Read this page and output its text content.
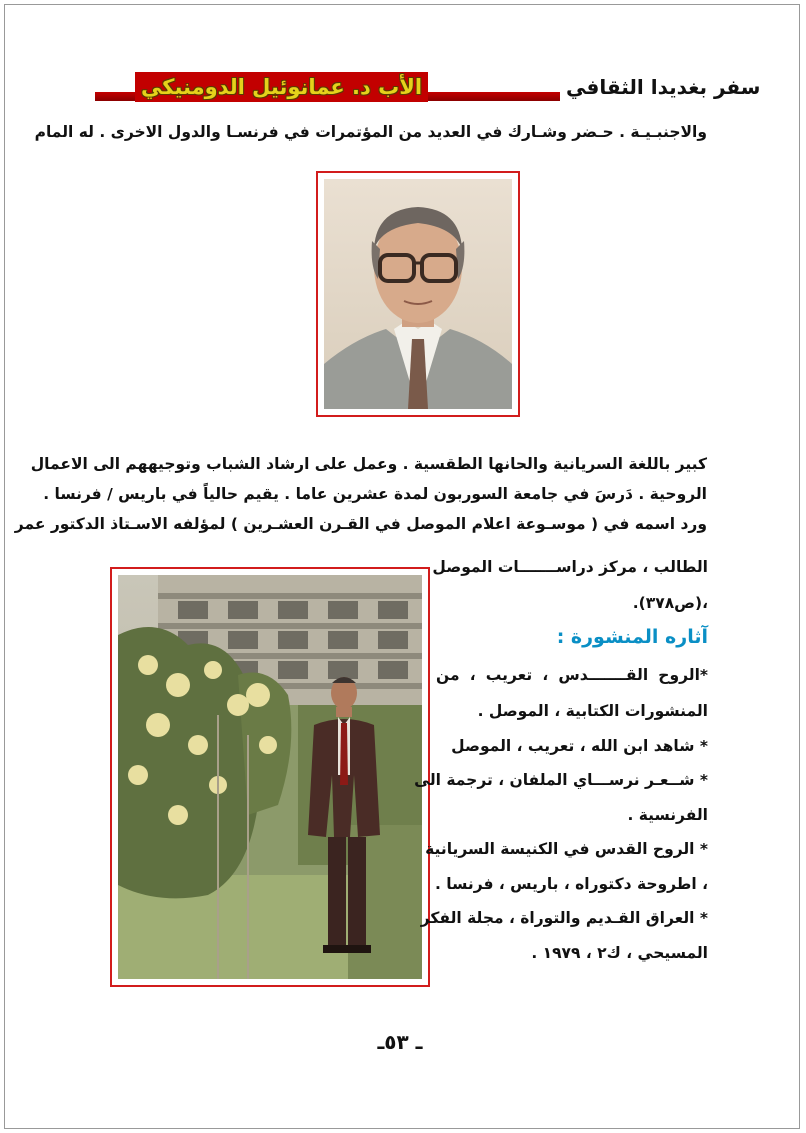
الأب د. عمانوئيل الدومنيكي	سفر بغديدا الثقافي
والاجنبـيـة . حـضر وشـارك في العديد من المؤتمرات في فرنسـا والدول الاخرى . له المام
كبير باللغة السريانية والحانها الطقسية . وعمل على ارشاد الشباب وتوجيههم الى الاعمال
الروحية . دَرسَ في جامعة السوربون لمدة عشرين عاما . يقيم حالياً في باريس / فرنسا .
ورد اسمه في ( موسـوعة اعلام الموصل في القـرن العشـرين ) لمؤلفه الاسـتاذ الدكتور عمر
الطالب ، مركز دراســـــــات الموصل
،(ص٣٧٨).
آثاره المنشورة :
*الروح القـــــــدس ، تعريب ، من
المنشورات الكتابية ، الموصل .
* شاهد ابن الله ، تعريب ، الموصل
* شــعـر نرســـاي الملفان ، ترجمة الى
الفرنسية .
* الروح القدس في الكنيسة السريانية
، اطروحة دكتوراه ، باريس ، فرنسا .
* العراق القـديم والتوراة ، مجلة الفكر
المسيحي ، ك٢ ، ١٩٧٩ .
ـ ٥٣ـ
